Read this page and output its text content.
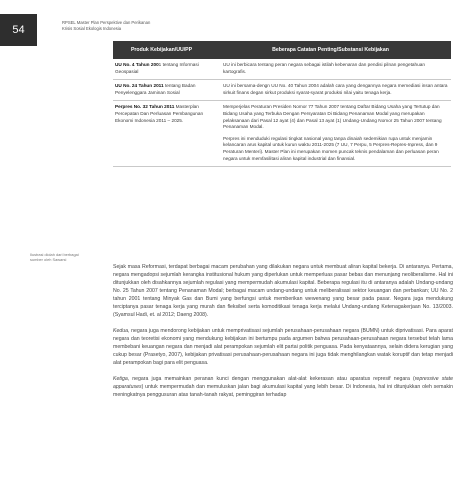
54
RPSEL Master Plan Perspektive dan Perikanan
Krisis Sosial Ekologis Indonesia
Ilustrasi diolah dari berbagai sumber oleh Sawarsi
Produk Kebijakan/UU/PP	Beberapa Catatan Penting/Substansi Kebijakan
UU No. 4 Tahun 2001 tentang Informasi Geospasial	UU ini berbicara tentang peran negara sebagai istilah kebenaran dan pendisi pilnan pengetahuan kartografis.

UU No. 24 Tahun 2011 tentang Badan Penyelenggara Jaminan Sosial	UU ini bersama-dengn UU No. 40 Tahun 2004 adalah cara yang dengannya negara memediasi insan antara sirkuit finans degan sirkut produksi syarat-syarat produksi nilai yaitu tenaga kerja.

Perpres No. 32 Tahun 2011 Masterplan Percepatan Dan Perluasan Pembangunan Ekonomi Indonesia 2011 – 2025.	Memperjelas Peraturan Presiden Nomor 77 Tahun 2007 tentang Daftar Bidang Usaha yang Tertutup dan Bidang Usaha yang Terbuka Dengan Persyaratan Di Bidang Penanaman Modal yang merupakan pelaksanaan dari Pasal 12 ayat (4) dan Pasal 13 ayat (1) Undang-Undang Nomor 25 Tahun 2007 tentang Penanaman Modal.
Perpres ini menduduki regulasi tingkat nasional yang tanpa dinaiah sedemikian rupa untuk menjamin kelancaran arus kapital untuk kurun waktu 2011-2025 (7 UU, 7 Perpu, 5 Perpres-Repres-Inpress, dan 9 Peraturan Menteri). Master Plan ini merupakan momen puncak teknis pendalaman dan perluasan peran negara untuk memfasilitasi aliran kapital industrial dan finansial.

Sejak masa Reformasi, terdapat berbagai macam perubahan yang dilakukan negara untuk membuat aliran kapital bekerja. Di antaranya. Pertama, negara mengadopsi sejumlah kerangka institusional hukum yang diperlukan untuk memperluas pasar bebas dan menunjang neoliberalisme. Hal ini ditunjukkan oleh disahkannya sejumlah regulasi yang mempermudah akumulasi kapital. Beberapa regulasi itu di antaranya adalah Undang-undang No. 25 Tahun 2007 tentang Penanaman Modal; berbagai macam undang-undang untuk meliberalisasi sektor keuangan dan perbankan; UU No. 2 tahun 2001 tentang Minyak Gas dan Bumi yang berfungsi untuk memberikan wewenang yang besar pada pasar. Negara juga mendukung terciptanya pasar tenaga kerja yang murah dan fleksibel serta komoditikasi tenaga kerja melalui Undang-undang Ketenagakerjaan No. 13/2003. (Syamsul Hadi, et. al 2012; Daeng 2008).

Kedua, negara juga mendorong kebijakan untuk memprivatisasi sejumlah perusahaan-perusahaan negara (BUMN) untuk diprivatisasi. Para aparat negara dan teoretisi ekonomi yang mendukung kebijakan ini bertumpu pada argumen bahwa perusahaan-perusahaan negara tersebut telah lama membebani keuangan negara dan menjadi alat perampokan sejumlah elit partai politik penguasa. Pada kenyataannya, selain didera kerugian yang cukup besar (Prasetyo, 2007), kebijakan privatisasi perusahaan-perusahaan negara ini juga tidak menghilangkan watak koruptif dan tetap menjadi alat perampokan bagi para elit penguasa.

Ketiga, negara juga memainkan peranan kunci dengan menggunakan alat-alat kekerasan atau aparatus represif negara (repressive state apparatuses) untuk mempermudah dan memuluskan jalan bagi akumulasi kapital yang lebih besar. Di Indonesia, hal ini ditunjukkan oleh semakin meningkatnya penggusuran atas tanah-tanah rakyat, peminggiran terhadap
